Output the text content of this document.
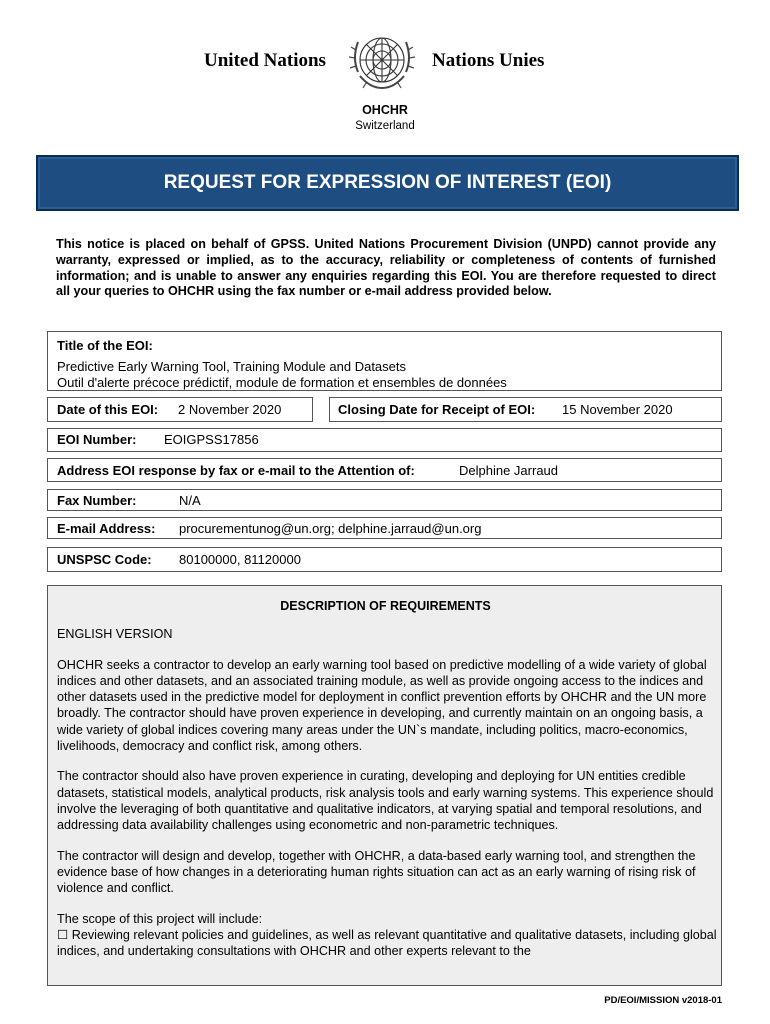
United Nations	Nations Unies
OHCHR
Switzerland
REQUEST FOR EXPRESSION OF INTEREST (EOI)
This notice is placed on behalf of GPSS. United Nations Procurement Division (UNPD) cannot provide any warranty, expressed or implied, as to the accuracy, reliability or completeness of contents of furnished information; and is unable to answer any enquiries regarding this EOI. You are therefore requested to direct all your queries to OHCHR using the fax number or e-mail address provided below.
Title of the EOI:
Predictive Early Warning Tool, Training Module and Datasets
Outil d'alerte précoce prédictif, module de formation et ensembles de données
Date of this EOI: 2 November 2020	Closing Date for Receipt of EOI: 15 November 2020
EOI Number: EOIGPSS17856
Address EOI response by fax or e-mail to the Attention of:	Delphine Jarraud
Fax Number:	N/A
E-mail Address: procurementunog@un.org; delphine.jarraud@un.org
UNSPSC Code: 80100000, 81120000
DESCRIPTION OF REQUIREMENTS

ENGLISH VERSION

OHCHR seeks a contractor to develop an early warning tool based on predictive modelling of a wide variety of global indices and other datasets, and an associated training module, as well as provide ongoing access to the indices and other datasets used in the predictive model for deployment in conflict prevention efforts by OHCHR and the UN more broadly. The contractor should have proven experience in developing, and currently maintain on an ongoing basis, a wide variety of global indices covering many areas under the UN`s mandate, including politics, macro-economics, livelihoods, democracy and conflict risk, among others.

The contractor should also have proven experience in curating, developing and deploying for UN entities credible datasets, statistical models, analytical products, risk analysis tools and early warning systems. This experience should involve the leveraging of both quantitative and qualitative indicators, at varying spatial and temporal resolutions, and addressing data availability challenges using econometric and non-parametric techniques.

The contractor will design and develop, together with OHCHR, a data-based early warning tool, and strengthen the evidence base of how changes in a deteriorating human rights situation can act as an early warning of rising risk of violence and conflict.

The scope of this project will include:
☐ Reviewing relevant policies and guidelines, as well as relevant quantitative and qualitative datasets, including global indices, and undertaking consultations with OHCHR and other experts relevant to the
PD/EOI/MISSION v2018-01
